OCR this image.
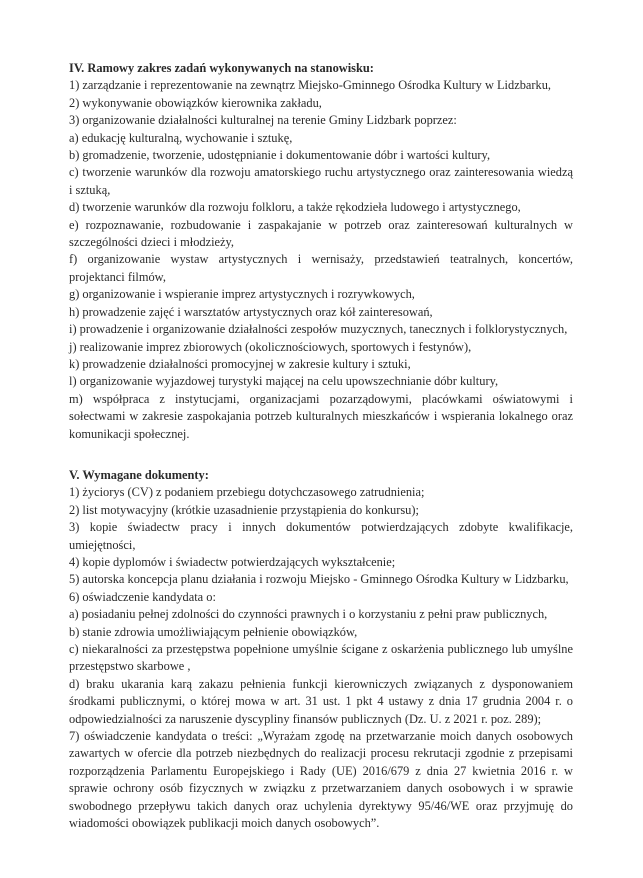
IV. Ramowy zakres zadań wykonywanych na stanowisku:
1) zarządzanie i reprezentowanie na zewnątrz Miejsko-Gminnego Ośrodka Kultury w Lidzbarku,
2) wykonywanie obowiązków kierownika zakładu,
3) organizowanie działalności kulturalnej na terenie Gminy Lidzbark poprzez:
a) edukację kulturalną, wychowanie i sztukę,
b) gromadzenie, tworzenie, udostępnianie i dokumentowanie dóbr i wartości kultury,
c) tworzenie warunków dla rozwoju amatorskiego ruchu artystycznego oraz zainteresowania wiedzą i sztuką,
d) tworzenie warunków dla rozwoju folkloru, a także rękodzieła ludowego i artystycznego,
e) rozpoznawanie, rozbudowanie i zaspakajanie w potrzeb oraz zainteresowań kulturalnych w szczególności dzieci i młodzieży,
f) organizowanie wystaw artystycznych i wernisaży, przedstawień teatralnych, koncertów, projektanci filmów,
g) organizowanie i wspieranie imprez artystycznych i rozrywkowych,
h) prowadzenie zajęć i warsztatów artystycznych oraz kół zainteresowań,
i) prowadzenie i organizowanie działalności zespołów muzycznych, tanecznych i folklorystycznych,
j) realizowanie imprez zbiorowych (okolicznościowych, sportowych i festynów),
k) prowadzenie działalności promocyjnej w zakresie kultury i sztuki,
l) organizowanie wyjazdowej turystyki mającej na celu upowszechnianie dóbr kultury,
m) współpraca z instytucjami, organizacjami pozarządowymi, placówkami oświatowymi i sołectwami w zakresie zaspokajania potrzeb kulturalnych mieszkańców i wspierania lokalnego oraz komunikacji społecznej.
V. Wymagane dokumenty:
1) życiorys (CV) z podaniem przebiegu dotychczasowego zatrudnienia;
2) list motywacyjny (krótkie uzasadnienie przystąpienia do konkursu);
3) kopie świadectw pracy i innych dokumentów potwierdzających zdobyte kwalifikacje, umiejętności,
4) kopie dyplomów i świadectw potwierdzających wykształcenie;
5) autorska koncepcja planu działania i rozwoju Miejsko - Gminnego Ośrodka Kultury w Lidzbarku,
6) oświadczenie kandydata o:
a) posiadaniu pełnej zdolności do czynności prawnych i o korzystaniu z pełni praw publicznych,
b) stanie zdrowia umożliwiającym pełnienie obowiązków,
c) niekaralności za przestępstwa popełnione umyślnie ścigane z oskarżenia publicznego lub umyślne przestępstwo skarbowe ,
d) braku ukarania karą zakazu pełnienia funkcji kierowniczych związanych z dysponowaniem środkami publicznymi, o której mowa w art. 31 ust. 1 pkt 4 ustawy z dnia 17 grudnia 2004 r. o odpowiedzialności za naruszenie dyscypliny finansów publicznych (Dz. U. z 2021 r. poz. 289);
7) oświadczenie kandydata o treści: „Wyrażam zgodę na przetwarzanie moich danych osobowych zawartych w ofercie dla potrzeb niezbędnych do realizacji procesu rekrutacji zgodnie z przepisami rozporządzenia Parlamentu Europejskiego i Rady (UE) 2016/679 z dnia 27 kwietnia 2016 r. w sprawie ochrony osób fizycznych w związku z przetwarzaniem danych osobowych i w sprawie swobodnego przepływu takich danych oraz uchylenia dyrektywy 95/46/WE oraz przyjmuję do wiadomości obowiązek publikacji moich danych osobowych”.
